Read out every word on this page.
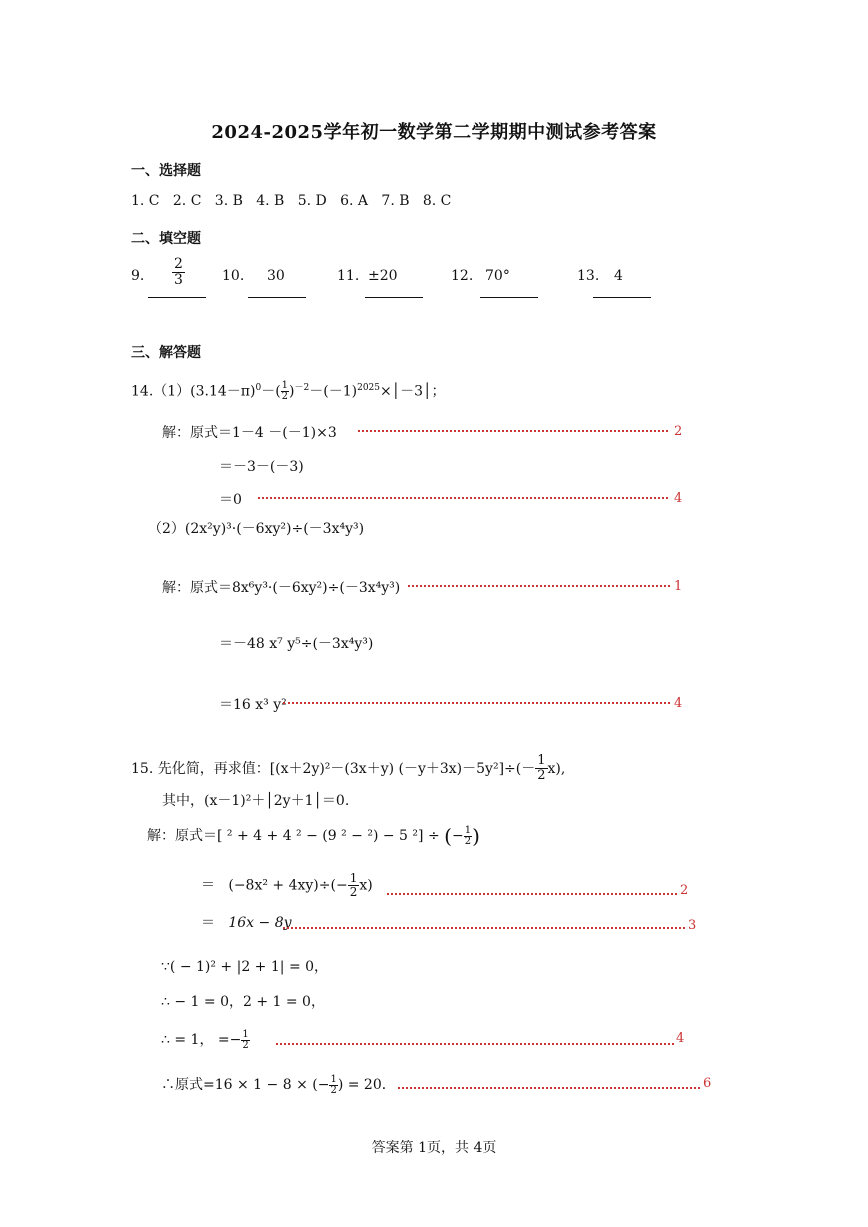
2024-2025学年初一数学第二学期期中测试参考答案
一、选择题
1. C 2. C 3. B 4. B 5. D 6. A 7. B 8. C
二、填空题
9. $\frac{2}{3}$	10. 30	11. ±20	12. 70°	13. 4
三、解答题
$14.(1)(3.14-\pi)^0-( \frac{1}{2}$ )$^{-2}-(-1)^{2025}\times│-3│$；
解：原式＝1－4 －(－1)×3	2
＝－3－(－3)
＝0	4
（2）(2x²y)³·(－6xy²)÷(－3x⁴y³)
解：原式＝8x⁶y³·(－6xy²)÷(－3x⁴y³)	1
＝－48 x⁷ y⁵÷(－3x⁴y³)
＝16 x³ y²	4
15. 先化简，再求值：[(x＋2y)²－(3x＋y) $(-y+3x)-5y^2]\div(- \frac{1}{2} x)$,
其中，(x－1)²＋│2y＋1│＝0.
解：原式＝[ ² + 4 + 4 ² − (9 ² − ²) − 5 ²] ÷ (− $\frac{1}{2}$ )
＝ $(-8x^2 + 4xy)\div(- \frac{1}{2} x)$	2
＝ 16x − 8y	3
∵( − 1)² + |2 + 1| = 0，
∴ − 1 = 0，2 + 1 = 0，
∴ = 1， =− $\frac{1}{2}$	4
∴原式=16 × 1 − 8 × (− $\frac{1}{2}$ ) = 20．	6
答案第 1页，共 4页
